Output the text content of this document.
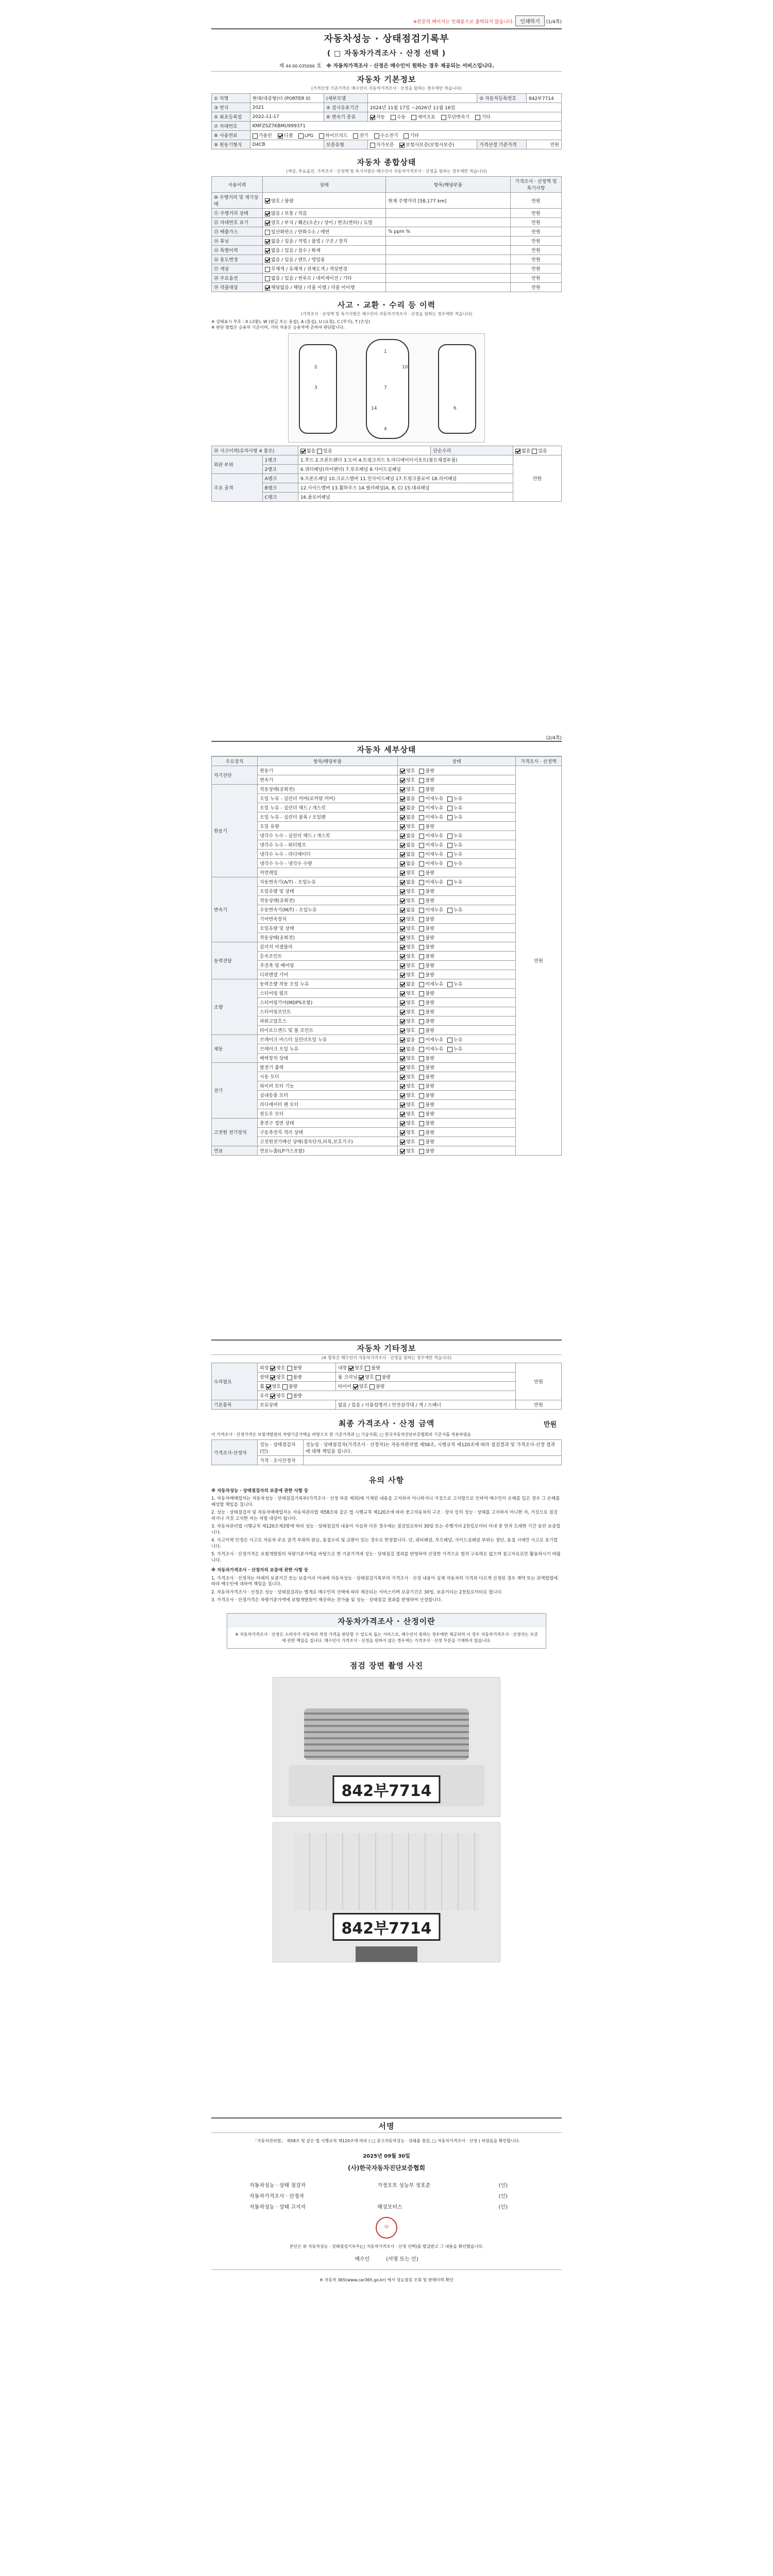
※본문의 페이지는 인쇄용으로 출력되지 않습니다. 인쇄하기 (1/4쪽)
자동차성능 · 상태점검기록부
( □ 자동차가격조사 · 산정 선택 )
제 44-00-035066 호 ※ 자동차가격조사 · 산정은 매수인이 원하는 경우 제공되는 서비스입니다.
자동차 기본정보
(가격산정 기준가격은 매수인이 자동차가격조사 · 산정을 원하는 경우에만 적습니다)
① 차명	현대(대중형)더 (PORTER II)	(세부모델		② 자동차등록번호	842부7714
③ 연식	2021	④ 검사유효기간	2024년 11월 17일 ~2026년 11월 16일		
⑤ 최초등록일	2022-11-17	⑥ 변속기 종류	자동 수동 세미오토 무단변속기 기타		
⑦ 차대번호	KMFZSZ7KBMU999371				
⑧ 사용연료	가솔린 디젤 LPG 하이브리드 전기 수소전기 기타				
⑨ 원동기형식	D4CB	보증유형	자가보증 보험사보증(보험사보증)	가격산정 기준가격	만원
자동차 종합상태
(색상, 주요옵션, 가격조사 · 산정액 및 특기사항은 매수인이 자동차가격조사 · 산정을 원하는 경우에만 적습니다)
사용이력	상태	항목/해당부품	가격조사 · 산정액 및 특기사항
⑩ 주행거리 및 계기상태	양호 / 불량	현재 주행거리 [58,177 km]	만원
⑪ 주행거리 상태	많음 / 보통 / 적음		만원
⑫ 차대번호 표기	양호 / 부식 / 훼손(오손) / 상이 / 변조(변타) / 도말		만원
⑬ 배출가스	일산화탄소 / 탄화수소 / 매연	% ppm %	만원
⑭ 튜닝	없음 / 있음 / 적법 / 불법 / 구조 / 장치		만원
⑮ 특별이력	없음 / 있음 / 침수 / 화재		만원
⑯ 용도변경	없음 / 있음 / 렌트 / 영업용		만원
⑰ 색상	무채색 / 유채색 / 전체도색 / 색상변경		만원
⑱ 주요옵션	없음 / 있음 / 썬루프 / 네비게이션 / 기타		만원
⑲ 리콜대상	해당없음 / 해당 / 리콜 이행 / 리콜 미이행		만원
사고 · 교환 · 수리 등 이력
(가격조사 · 산정액 및 특기사항은 매수인이 자동차가격조사 · 산정을 원하는 경우에만 적습니다)
※ 상태표시 부호 : X (교환), W (판금 또는 용접), A (흠집), U (요철), C (부식), T (손상)
※ 판단 방법은 승용차 기준이며, 기타 차종은 승용차에 준하여 판단합니다.
1
2
3
4
7
6
10
14
⑳ 사고이력(유의사항 4 참조)		없음 있음	단순수리	없음 있음
외판 부위	1랭크	1.후드 2.프론트펜더 3.도어 4.트렁크리드 5.라디에이터서포트(볼트체결부품)		만원
	2랭크	6.쿼터패널(리어펜더) 7.루프패널 8.사이드실패널		
주요 골격	A랭크	9.프론트패널 10.크로스멤버 11.인사이드패널 17.트렁크플로어 18.리어패널		
	B랭크	12.사이드멤버 13.휠하우스 14.필러패널(A, B, C) 15.대쉬패널		
	C랭크	16.플로어패널		
(2/4쪽)
자동차 세부상태
주요장치	항목/해당부품	상태	가격조사 · 산정액
자기진단	원동기	양호 불량	만원
	변속기	양호 불량	
원동기	작동상태(공회전)	양호 불량	
	오일 누유 - 실린더 커버(로커암 커버)	없음 미세누유 누유	
	오일 누유 - 실린더 헤드 / 개스킷	없음 미세누유 누유	
	오일 누유 - 실린더 블록 / 오일팬	없음 미세누유 누유	
	오일 유량	양호 불량	
	냉각수 누수 - 실린더 헤드 / 개스킷	없음 미세누유 누유	
	냉각수 누수 - 워터펌프	없음 미세누유 누유	
	냉각수 누수 - 라디에이터	없음 미세누유 누유	
	냉각수 누수 - 냉각수 수량	없음 미세누유 누유	
	커먼레일	양호 불량	
변속기	자동변속기(A/T) - 오일누유	없음 미세누유 누유	
	오일유량 및 상태	양호 불량	
	작동상태(공회전)	양호 불량	
	수동변속기(M/T) - 오일누유	없음 미세누유 누유	
	기어변속장치	양호 불량	
	오일유량 및 상태	양호 불량	
	작동상태(공회전)	양호 불량	
동력전달	클러치 어셈블리	양호 불량	
	등속조인트	양호 불량	
	추진축 및 베어링	양호 불량	
	디퍼렌셜 기어	양호 불량	
조향	동력조향 작동 오일 누유	없음 미세누유 누유	
	스티어링 펌프	양호 불량	
	스티어링기어(MDPS포함)	양호 불량	
	스티어링조인트	양호 불량	
	파워고압호스	양호 불량	
	타이로드엔드 및 볼 조인트	양호 불량	
제동	브레이크 마스터 실린더오일 누유	없음 미세누유 누유	
	브레이크 오일 누유	없음 미세누유 누유	
	배력장치 상태	양호 불량	
전기	발전기 출력	양호 불량	
	시동 모터	양호 불량	
	와이퍼 모터 기능	양호 불량	
	실내송풍 모터	양호 불량	
	라디에이터 팬 모터	양호 불량	
	윈도우 모터	양호 불량	
고전원 전기장치	충전구 절연 상태	양호 불량	
	구동축전지 격리 상태	양호 불량	
	고전원전기배선 상태(접속단자,피복,보호기구)	양호 불량	
연료	연료누출(LP가스포함)	양호 불량	
자동차 기타정보
(※ 항목은 매수인이 자동차가격조사 · 산정을 원하는 경우에만 적습니다)
수리필요	외장 양호 불량	내장 양호 불량	만원
	광택 양호 불량	룸 크리닝 양호 불량	
	휠 양호 불량	타이어 양호 불량	
	유리 양호 불량		
기본품목	보유상태	없음 / 있음 / 사용설명서 / 안전삼각대 / 잭 / 스패너	만원
최종 가격조사 · 산정 금액	만원
이 가격조사 · 산정가격은 보험개발원의 차량기준가액을 바탕으로 한 기준가격과 □ 기술사회, □ 한국자동차진단보증협회의 기준서를 적용하였음
가격조사·산정자	성능 · 상태점검자 (인)	성능상 · 상태점검자(가격조사 · 산정자)는 자동차관리법 제58조, 시행규칙 제120조에 따라 점검결과 및 가격조사·산정 결과에 대해 책임을 집니다.
	가격 · 조사산정자	
유의 사항

※ 자동차성능 · 상태점검자의 보증에 관한 사항 등

1. 자동차매매업자는 자동차성능 · 상태점검기록부(가격조사 · 산정 부분 제외)에 기재된 내용을 고지하지 아니하거나 거짓으로 고지함으로 인하여 매수인이 손해를 입은 경우 그 손해를 배상할 책임을 집니다.

2. 성능 · 상태점검자 및 자동차매매업자는 자동차관리법 제58조와 같은 법 시행규칙 제120조에 따라 중고자동차의 구조 · 장치 등의 성능 · 상태를 고지하지 아니한 자, 거짓으로 점검하거나 거짓 고지한 자는 처벌 대상이 됩니다.

3. 자동차관리법 시행규칙 제120조제3항에 따라 성능 · 상태점검의 내용이 사실과 다른 경우에는 점검일로부터 30일 또는 주행거리 2천킬로미터 이내 중 먼저 도래한 기간 동안 보증합니다.

4. 사고이력 인정은 사고로 자동차 주요 골격 부위의 판금, 용접수리 및 교환이 있는 경우로 한정합니다. 단, 쿼터패널, 루프패널, 사이드실패널 부위는 절단, 용접 시에만 사고로 표기합니다.

5. 가격조사 · 산정가격은 보험개발원의 차량기준가액을 바탕으로 한 기준가격에 성능 · 상태점검 결과를 반영하여 산정한 가격으로 법적 구속력은 없으며 참고자료로만 활용하시기 바랍니다.

※ 자동차가격조사 · 산정자의 보증에 관한 사항 등

1. 가격조사 · 산정자는 아래의 보증기간 또는 보증거리 이내에 자동차성능 · 상태점검기록부의 가격조사 · 산정 내용이 실제 자동차의 가격과 다르게 산정된 경우 계약 또는 관계법령에 따라 매수인에 대하여 책임을 집니다.

2. 자동차가격조사 · 산정은 성능 · 상태점검과는 별개로 매수인의 선택에 따라 제공되는 서비스이며 보증기간은 30일, 보증거리는 2천킬로미터로 합니다.

3. 가격조사 · 산정가격은 차량기준가액에 보험개발원이 제공하는 잔가율 및 성능 · 상태점검 결과를 반영하여 산정합니다.

자동차가격조사 · 산정이란
※ 자동차가격조사 · 산정은 소비자가 자동차의 적정 가격을 판단할 수 있도록 돕는 서비스로, 매수인이 원하는 경우에만 제공되며 이 경우 자동차가격조사 · 산정자는 보증에 관한 책임을 집니다. 매수인이 가격조사 · 산정을 원하지 않는 경우에는 가격조사 · 산정 부분을 기재하지 않습니다.
점검 장면 촬영 사진
842부7714
842부7714
서명
「자동차관리법」 제58조 및 같은 법 시행규칙 제120조에 따라 ( □ 중고자동차성능 · 상태를 점검, □ 자동차가격조사 · 산정 ) 하였음을 확인합니다.
2025년 09월 30일
(사)한국자동차진단보증협회
자동차성능 · 상태 점검자	가정오토 성능부 정호준	(인)
자동차가격조사 · 산정자		(인)
자동차성능 · 상태 고지자	해성모터스	(인)
印
본인은 위 자동차성능 · 상태점검기록부(□ 자동차가격조사 · 산정 선택)를 발급받고 그 내용을 확인했습니다.
매수인	(서명 또는 인)
※ 자동차 365(www.car365.go.kr) 에서 성능점검 조회 및 판매이력 확인
